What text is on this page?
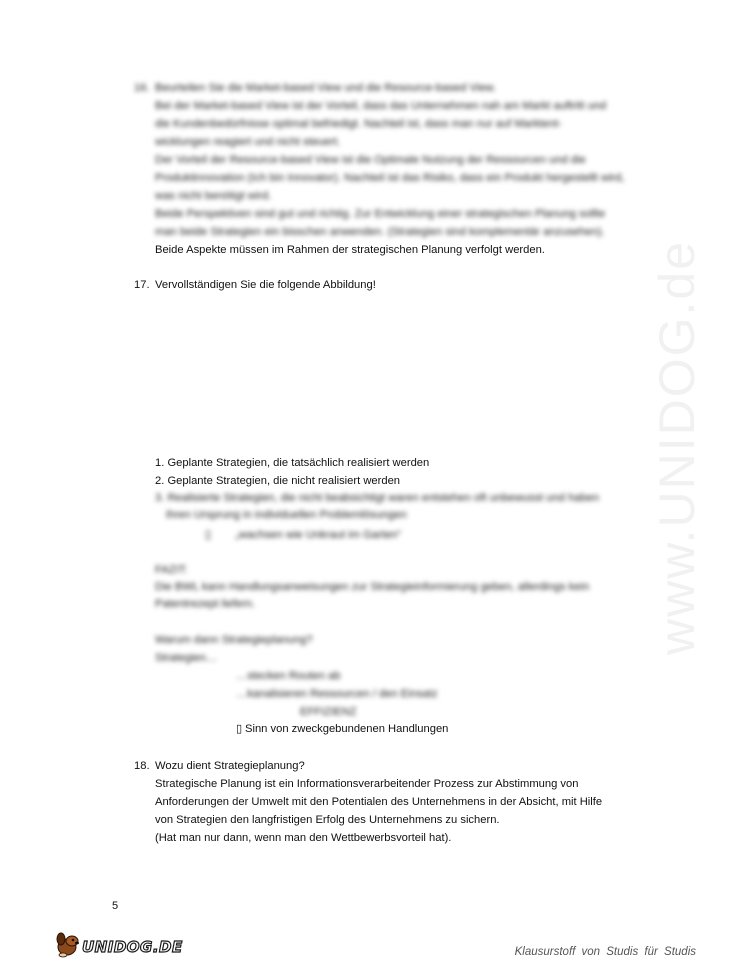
www.UNIDOG.de
16. Beurteilen Sie die Market-based View und die Resource-based View.
Bei der Market-based View ist der Vorteil, dass das Unternehmen nah am Markt auftritt und
die Kundenbedürfnisse optimal befriedigt. Nachteil ist, dass man nur auf Marktent-
wicklungen reagiert und nicht steuert.
Der Vorteil der Resource-based View ist die Optimale Nutzung der Ressourcen und die
Produktinnovation (Ich bin Innovator). Nachteil ist das Risiko, dass ein Produkt hergestellt wird,
was nicht benötigt wird.
Beide Perspektiven sind gut und richtig. Zur Entwicklung einer strategischen Planung sollte
man beide Strategien ein bisschen anwenden. (Strategien sind komplementär anzusehen).
Beide Aspekte müssen im Rahmen der strategischen Planung verfolgt werden.
17. Vervollständigen Sie die folgende Abbildung!
1. Geplante Strategien, die tatsächlich realisiert werden
2. Geplante Strategien, die nicht realisiert werden
3. Realisierte Strategien, die nicht beabsichtigt waren entstehen oft unbewusst und haben
ihren Ursprung in individuellen Problemlösungen
▯ „wachsen wie Unkraut im Garten“
FAZIT:
Die BWL kann Handlungsanweisungen zur Strategieinformierung geben, allerdings kein
Patentrezept liefern.
Warum dann Strategieplanung?
Strategien…
…stecken Routen ab
…kanalisieren Ressourcen / den Einsatz
EFFIZIENZ
▯ Sinn von zweckgebundenen Handlungen
18. Wozu dient Strategieplanung?
Strategische Planung ist ein Informationsverarbeitender Prozess zur Abstimmung von
Anforderungen der Umwelt mit den Potentialen des Unternehmens in der Absicht, mit Hilfe
von Strategien den langfristigen Erfolg des Unternehmens zu sichern.
(Hat man nur dann, wenn man den Wettbewerbsvorteil hat).
5
UNIDOG.DE	Klausurstoff von Studis für Studis
